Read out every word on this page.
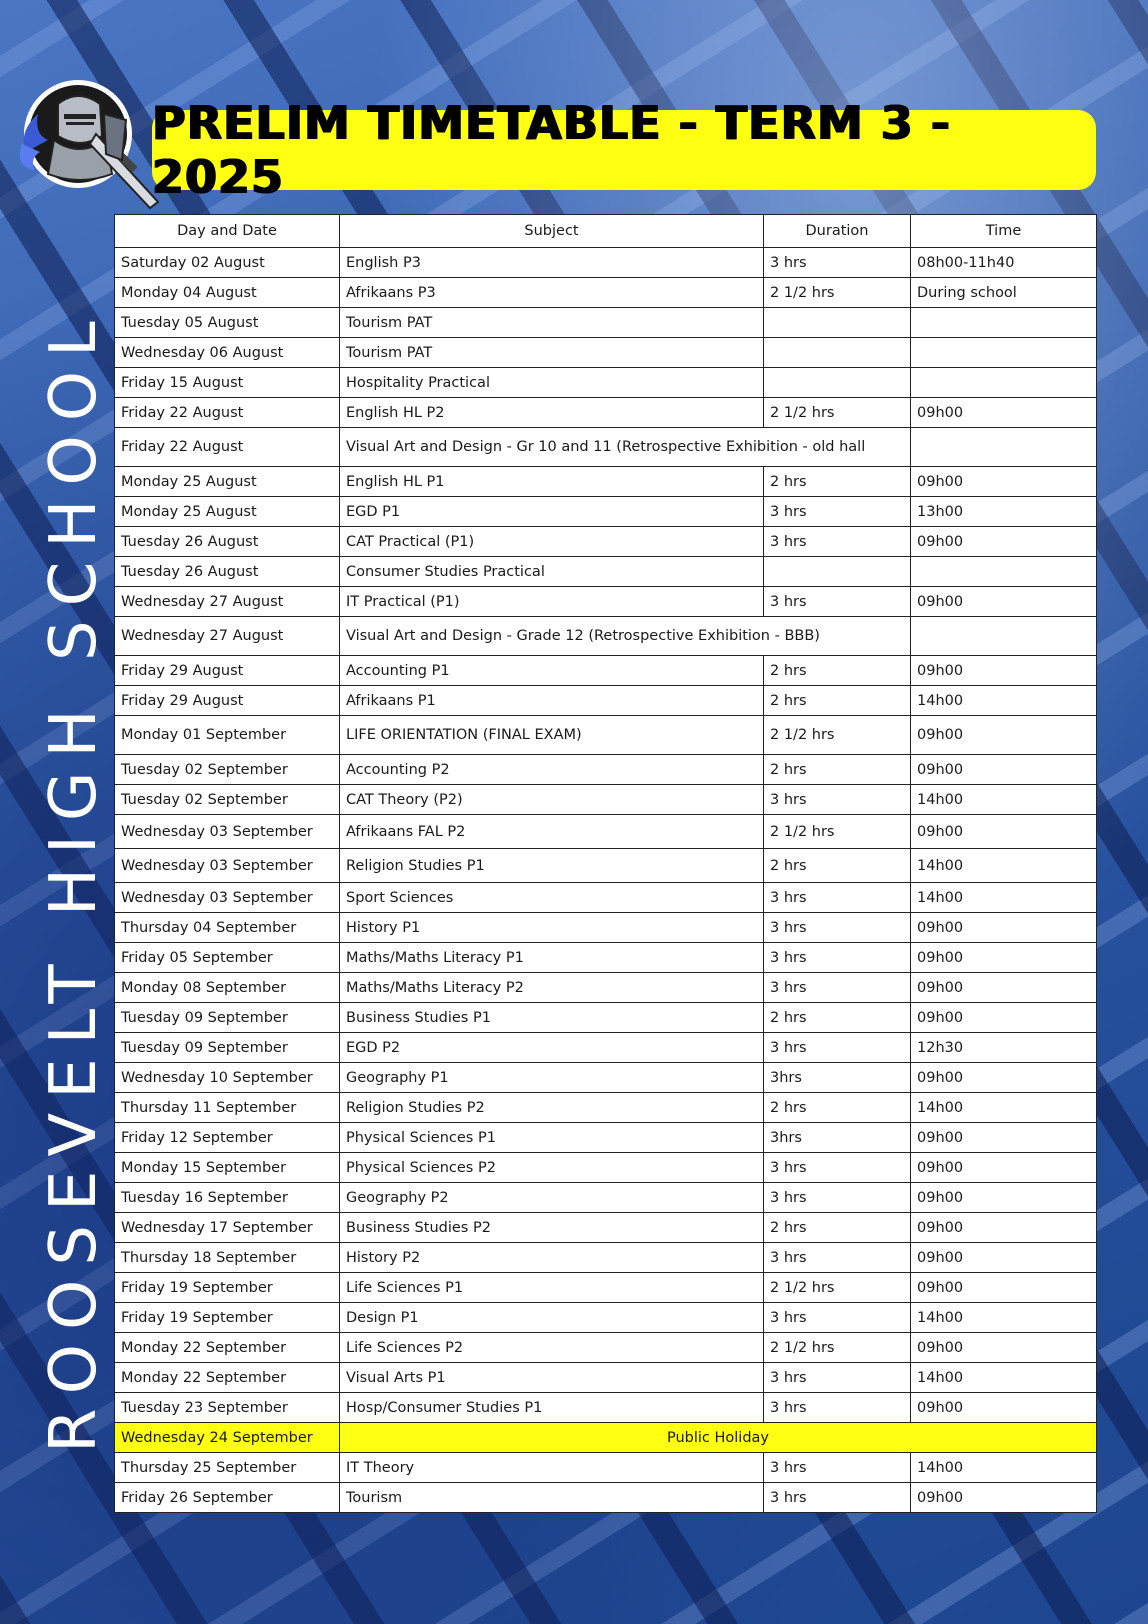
ROOSEVELT HIGH SCHOOL
PRELIM TIMETABLE - TERM 3 - 2025
Day and Date	Subject	Duration	Time
Saturday 02 August	English P3	3 hrs	08h00-11h40
Monday 04 August	Afrikaans P3	2 1/2 hrs	During school
Tuesday 05 August	Tourism PAT		
Wednesday 06 August	Tourism PAT		
Friday 15 August	Hospitality Practical		
Friday 22 August	English HL P2	2 1/2 hrs	09h00
Friday 22 August	Visual Art and Design - Gr 10 and 11 (Retrospective Exhibition - old hall		
Monday 25 August	English HL P1	2 hrs	09h00
Monday 25 August	EGD P1	3 hrs	13h00
Tuesday 26 August	CAT Practical (P1)	3 hrs	09h00
Tuesday 26 August	Consumer Studies Practical		
Wednesday 27 August	IT Practical (P1)	3 hrs	09h00
Wednesday 27 August	Visual Art and Design - Grade 12 (Retrospective Exhibition - BBB)		
Friday 29 August	Accounting P1	2 hrs	09h00
Friday 29 August	Afrikaans P1	2 hrs	14h00
Monday 01 September	LIFE ORIENTATION (FINAL EXAM)	2 1/2 hrs	09h00
Tuesday 02 September	Accounting P2	2 hrs	09h00
Tuesday 02 September	CAT Theory (P2)	3 hrs	14h00
Wednesday 03 September	Afrikaans FAL P2	2 1/2 hrs	09h00
Wednesday 03 September	Religion Studies P1	2 hrs	14h00
Wednesday 03 September	Sport Sciences	3 hrs	14h00
Thursday 04 September	History P1	3 hrs	09h00
Friday 05 September	Maths/Maths Literacy P1	3 hrs	09h00
Monday 08 September	Maths/Maths Literacy P2	3 hrs	09h00
Tuesday 09 September	Business Studies P1	2 hrs	09h00
Tuesday 09 September	EGD P2	3 hrs	12h30
Wednesday 10 September	Geography P1	3hrs	09h00
Thursday 11 September	Religion Studies P2	2 hrs	14h00
Friday 12 September	Physical Sciences P1	3hrs	09h00
Monday 15 September	Physical Sciences P2	3 hrs	09h00
Tuesday 16 September	Geography P2	3 hrs	09h00
Wednesday 17 September	Business Studies P2	2 hrs	09h00
Thursday 18 September	History P2	3 hrs	09h00
Friday 19 September	Life Sciences P1	2 1/2 hrs	09h00
Friday 19 September	Design P1	3 hrs	14h00
Monday 22 September	Life Sciences P2	2 1/2 hrs	09h00
Monday 22 September	Visual Arts P1	3 hrs	14h00
Tuesday 23 September	Hosp/Consumer Studies P1	3 hrs	09h00
Wednesday 24 September	Public Holiday		
Thursday 25 September	IT Theory	3 hrs	14h00
Friday 26 September	Tourism	3 hrs	09h00
